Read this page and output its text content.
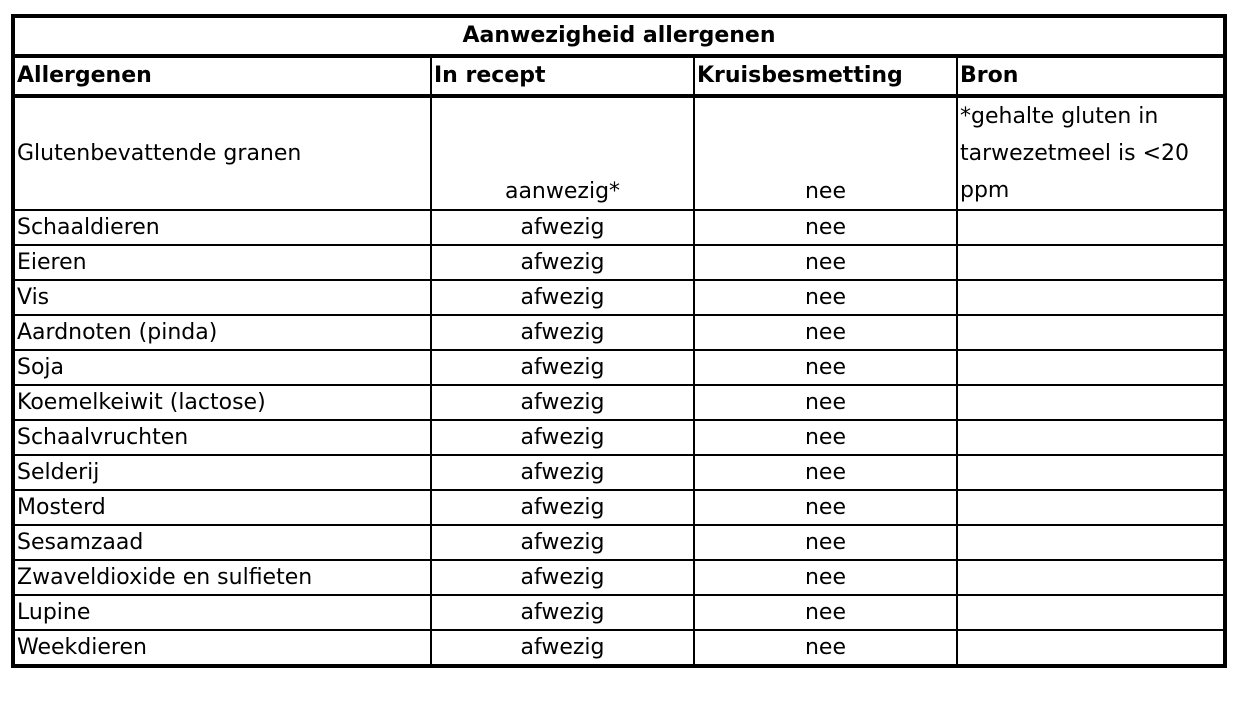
Aanwezigheid allergenen			
Allergenen	In recept	Kruisbesmetting	Bron
Glutenbevattende granen	aanwezig*	nee	*gehalte gluten in tarwezetmeel is <20 ppm
Schaaldieren	afwezig	nee	
Eieren	afwezig	nee	
Vis	afwezig	nee	
Aardnoten (pinda)	afwezig	nee	
Soja	afwezig	nee	
Koemelkeiwit (lactose)	afwezig	nee	
Schaalvruchten	afwezig	nee	
Selderij	afwezig	nee	
Mosterd	afwezig	nee	
Sesamzaad	afwezig	nee	
Zwaveldioxide en sulfieten	afwezig	nee	
Lupine	afwezig	nee	
Weekdieren	afwezig	nee	
